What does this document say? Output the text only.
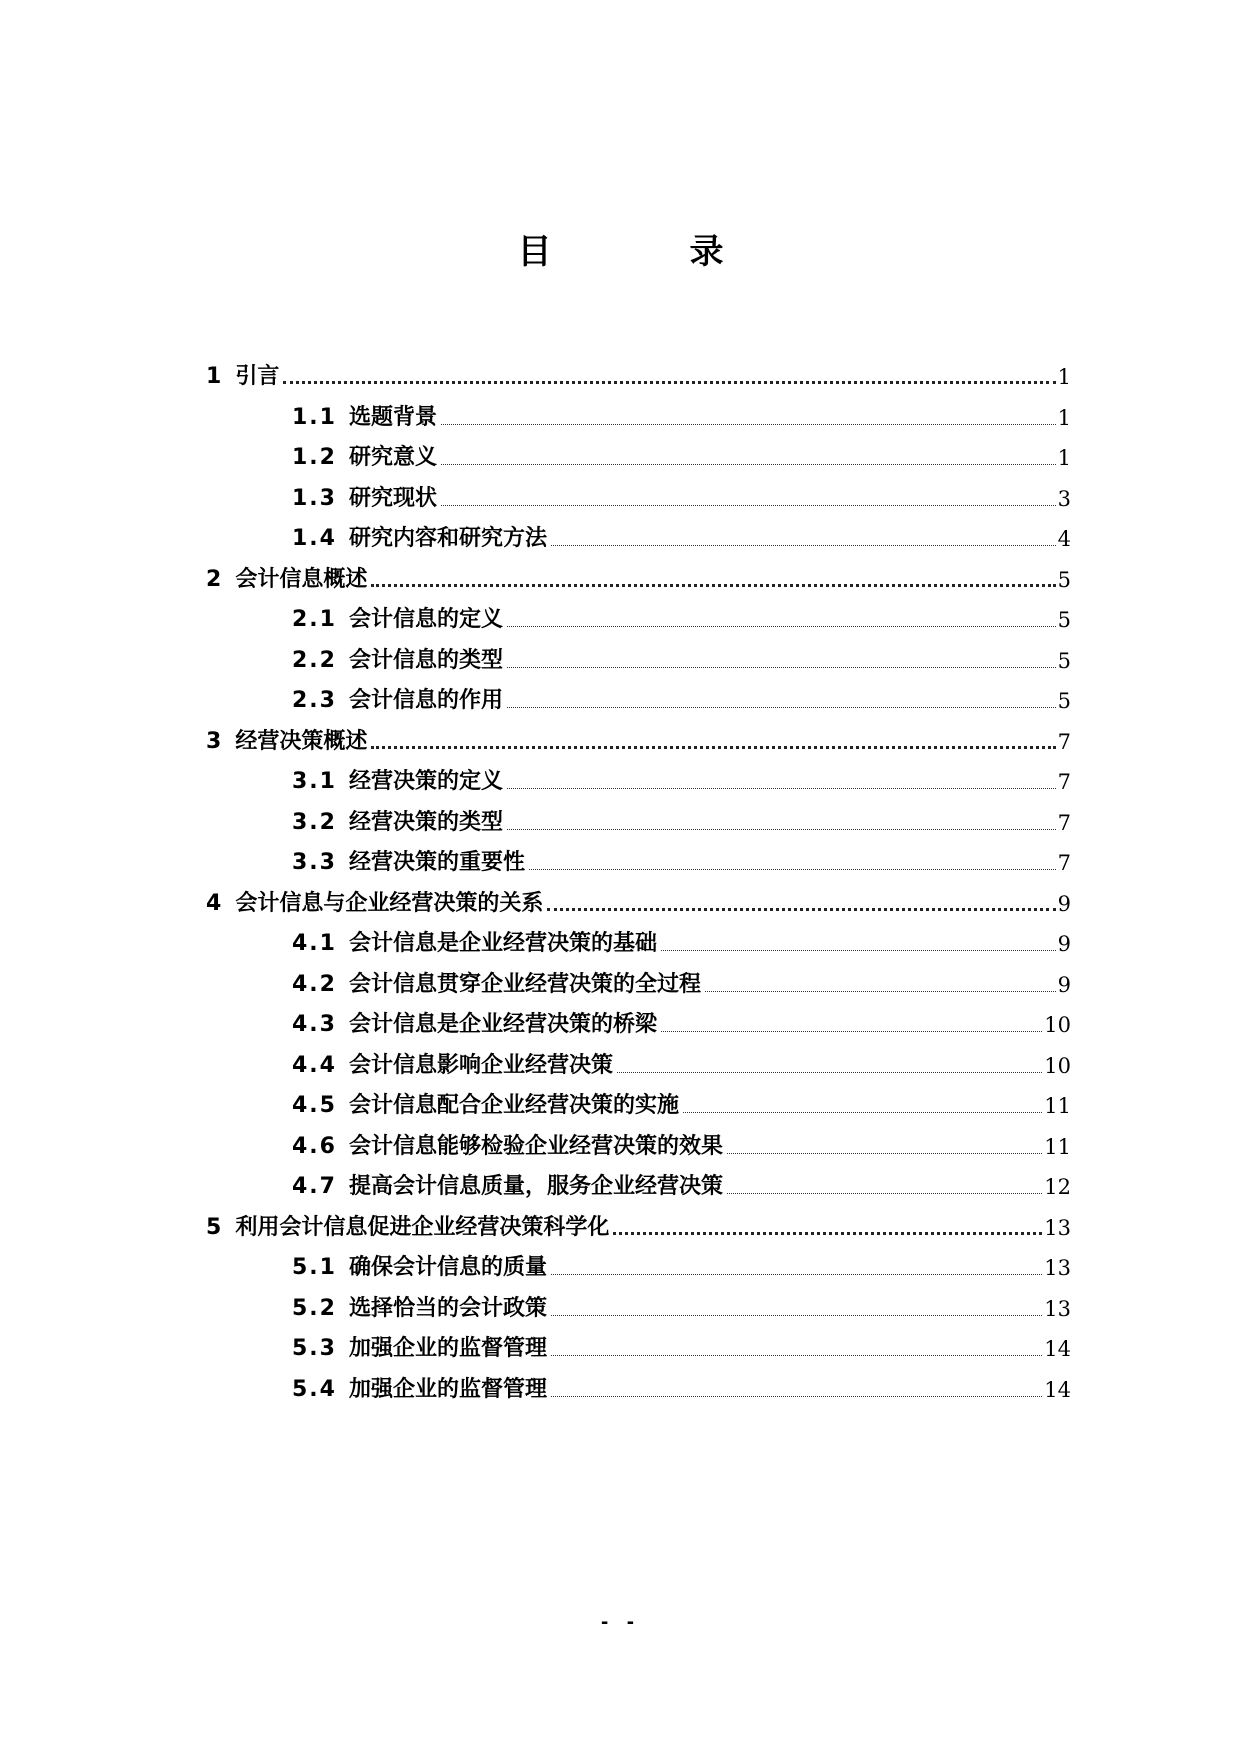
目　录
1 引言	1
1.1 选题背景	1
1.2 研究意义	1
1.3 研究现状	3
1.4 研究内容和研究方法	4
2 会计信息概述	5
2.1 会计信息的定义	5
2.2 会计信息的类型	5
2.3 会计信息的作用	5
3 经营决策概述	7
3.1 经营决策的定义	7
3.2 经营决策的类型	7
3.3 经营决策的重要性	7
4 会计信息与企业经营决策的关系	9
4.1 会计信息是企业经营决策的基础	9
4.2 会计信息贯穿企业经营决策的全过程	9
4.3 会计信息是企业经营决策的桥梁	10
4.4 会计信息影响企业经营决策	10
4.5 会计信息配合企业经营决策的实施	11
4.6 会计信息能够检验企业经营决策的效果	11
4.7 提高会计信息质量，服务企业经营决策	12
5 利用会计信息促进企业经营决策科学化	13
5.1 确保会计信息的质量	13
5.2 选择恰当的会计政策	13
5.3 加强企业的监督管理	14
5.4 加强企业的监督管理	14
- -
